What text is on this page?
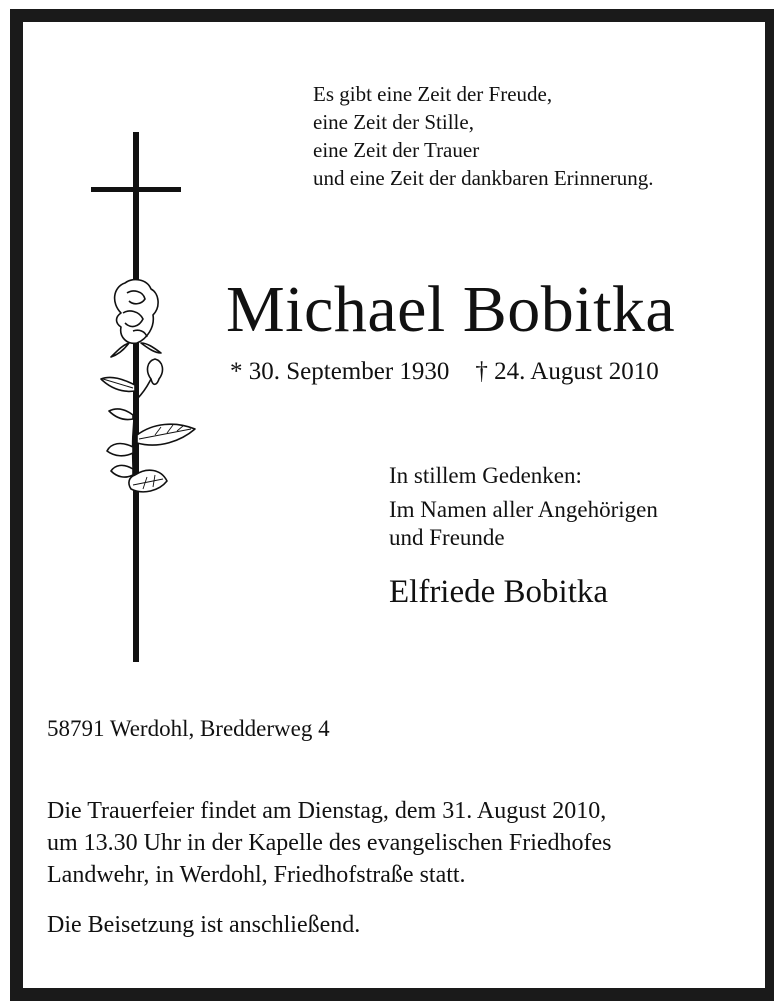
Es gibt eine Zeit der Freude,
eine Zeit der Stille,
eine Zeit der Trauer
und eine Zeit der dankbaren Erinnerung.
Michael Bobitka
* 30. September 1930 † 24. August 2010
In stillem Gedenken:
Im Namen aller Angehörigen
und Freunde
Elfriede Bobitka
58791 Werdohl, Bredderweg 4
Die Trauerfeier findet am Dienstag, dem 31. August 2010,
um 13.30 Uhr in der Kapelle des evangelischen Friedhofes
Landwehr, in Werdohl, Friedhofstraße statt.
Die Beisetzung ist anschließend.
